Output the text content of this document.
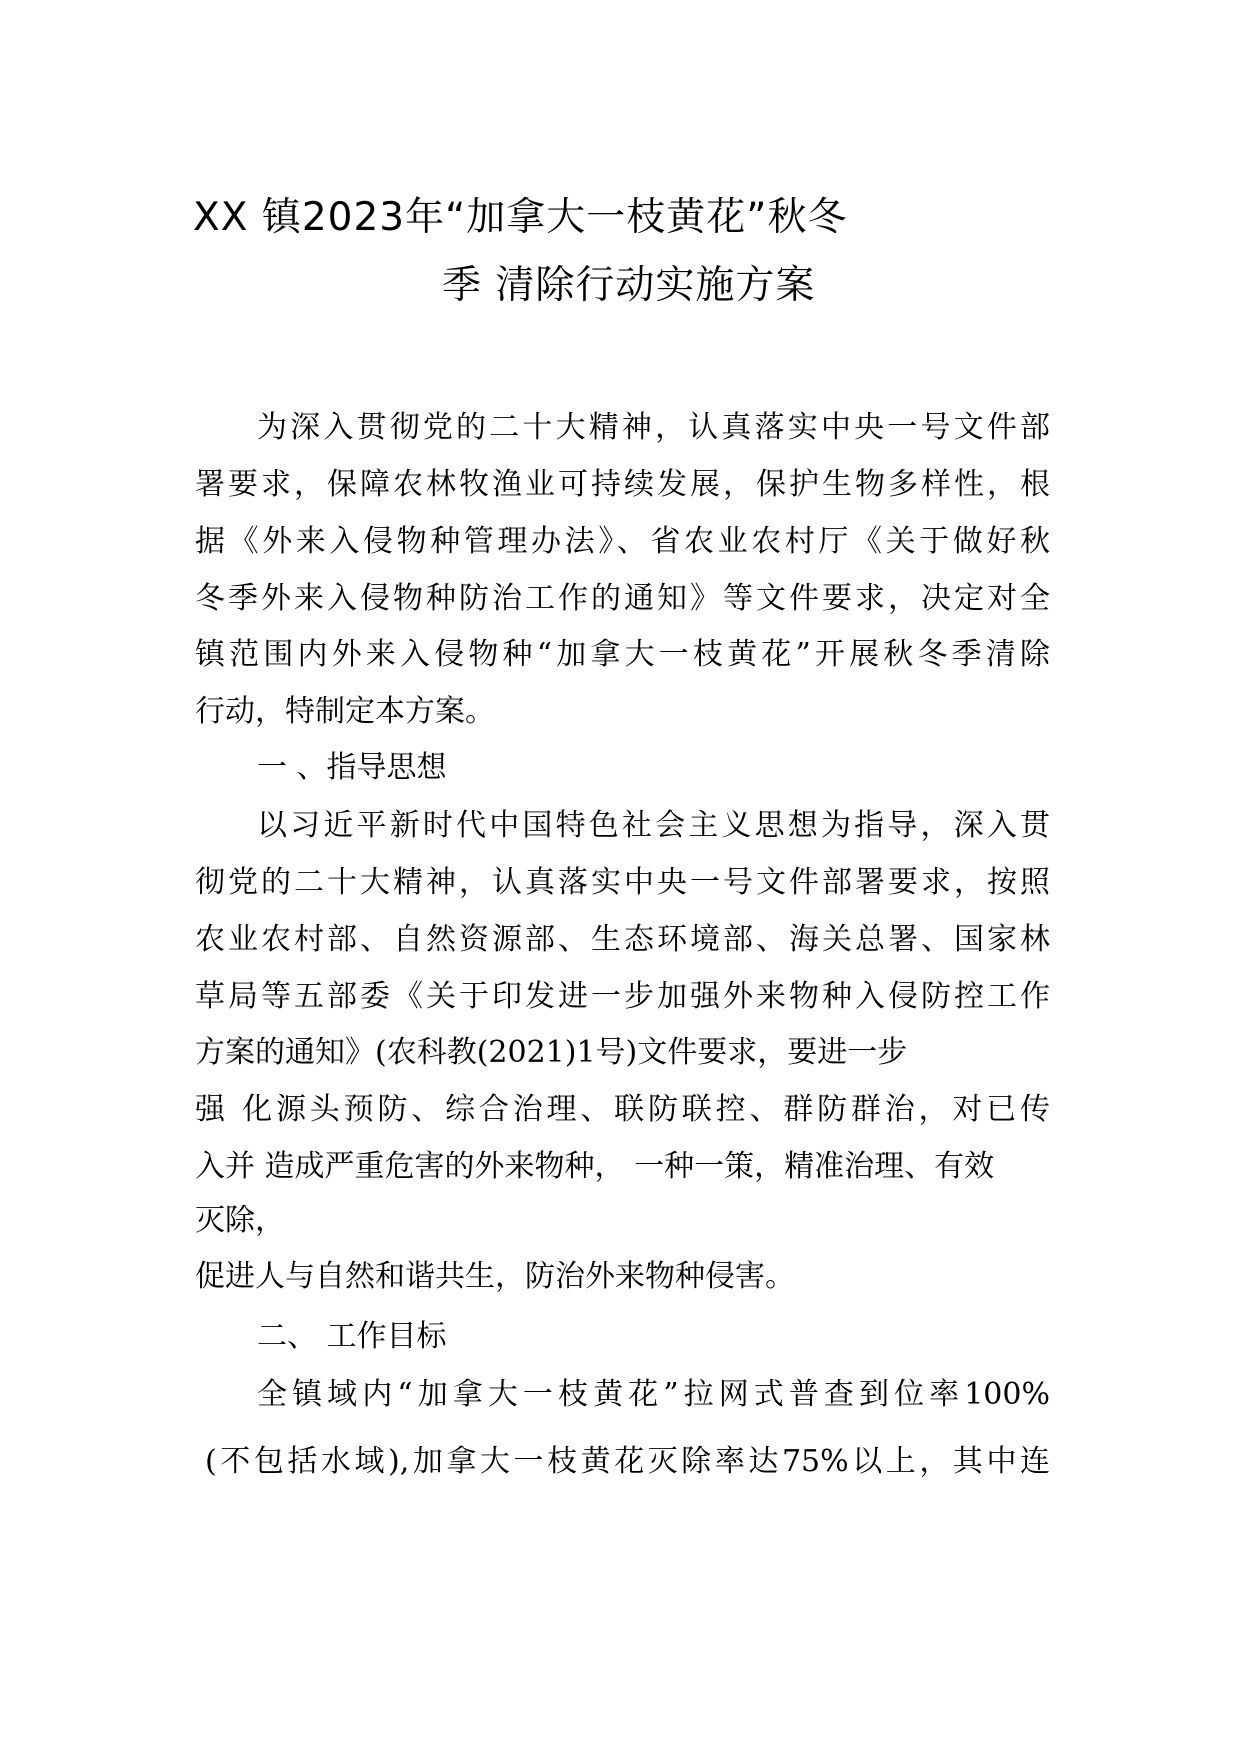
XX 镇2023年“加拿大一枝黄花”秋冬
季 清除行动实施方案
为深入贯彻党的二十大精神，认真落实中央一号文件部
署要求，保障农林牧渔业可持续发展，保护生物多样性，根
据《外来入侵物种管理办法》、省农业农村厅《关于做好秋
冬季外来入侵物种防治工作的通知》等文件要求，决定对全
镇范围内外来入侵物种“加拿大一枝黄花”开展秋冬季清除
行动，特制定本方案。
一 、指导思想
以习近平新时代中国特色社会主义思想为指导，深入贯
彻党的二十大精神，认真落实中央一号文件部署要求，按照
农业农村部、自然资源部、生态环境部、海关总署、国家林
草局等五部委《关于印发进一步加强外来物种入侵防控工作
方案的通知》(农科教(2021)1号)文件要求，要进一步
强 化源头预防、综合治理、联防联控、群防群治，对已传
入并 造成严重危害的外来物种， 一种一策，精准治理、有效
灭除，
促进人与自然和谐共生，防治外来物种侵害。
二、 工作目标
全镇域内“加拿大一枝黄花”拉网式普查到位率100%
(不包括水域),加拿大一枝黄花灭除率达75%以上，其中连
